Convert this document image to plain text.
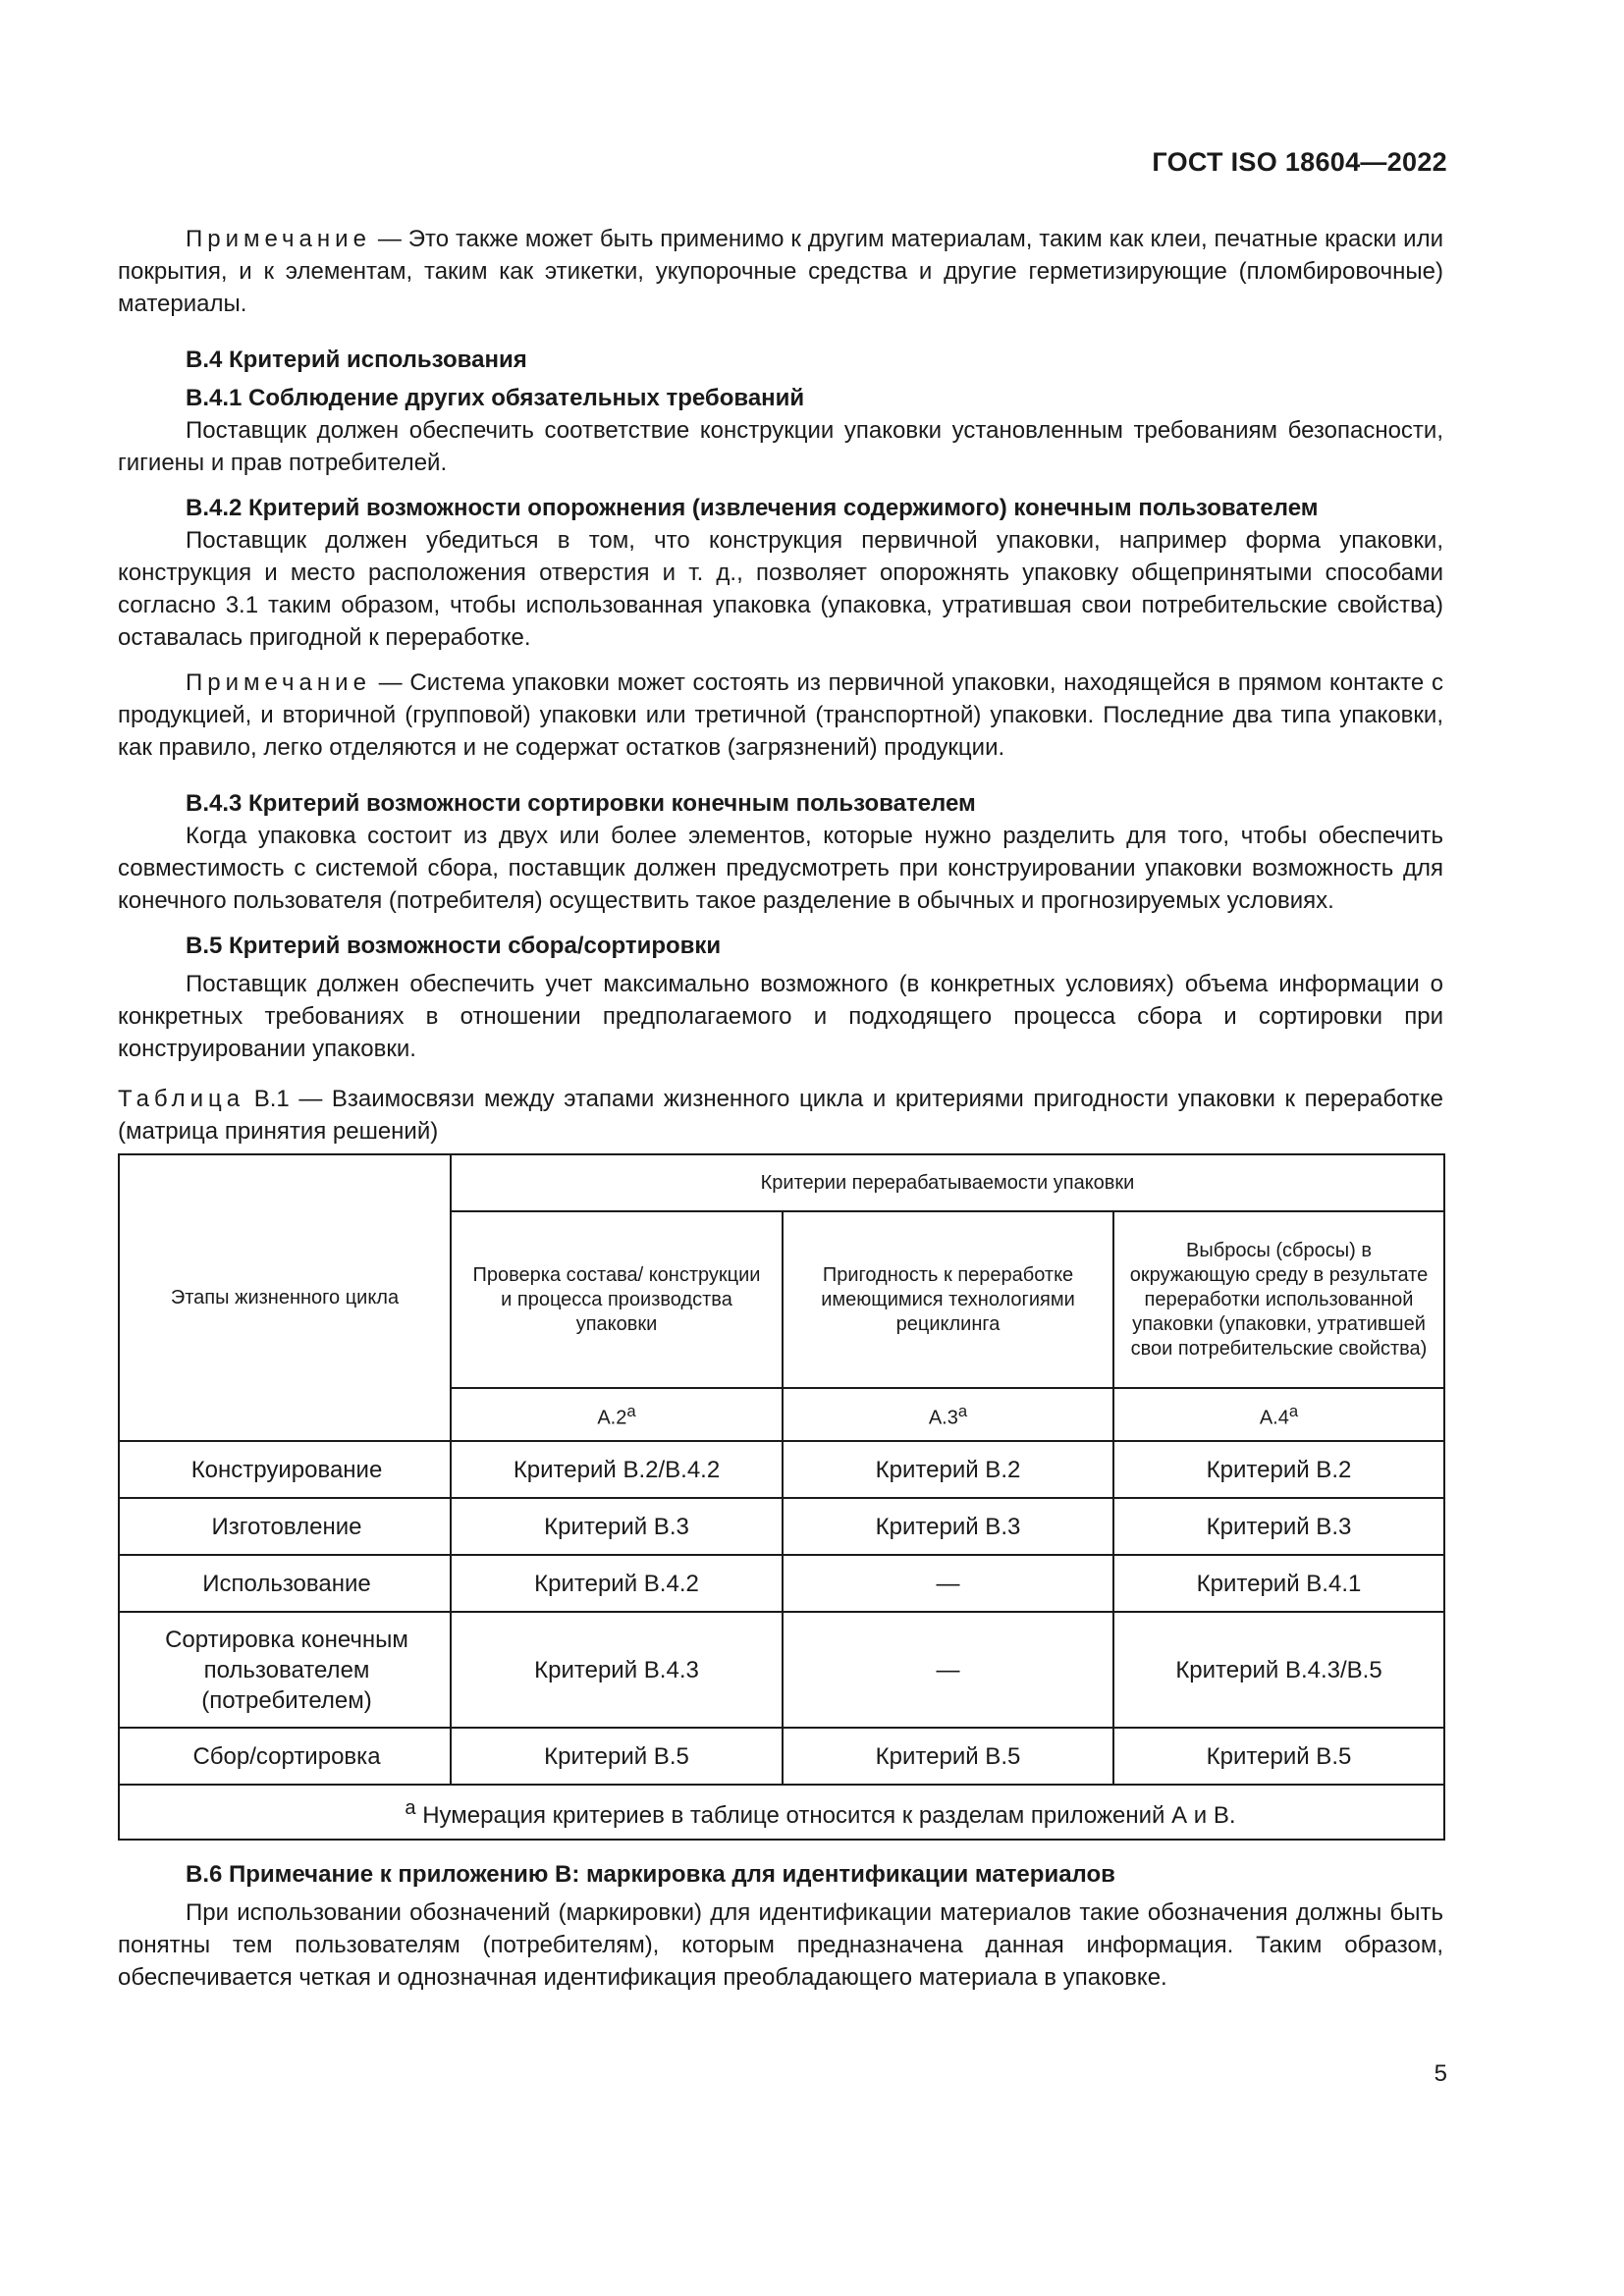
ГОСТ ISO 18604—2022

Примечание — Это также может быть применимо к другим материалам, таким как клеи, печатные краски или покрытия, и к элементам, таким как этикетки, укупорочные средства и другие герметизирующие (пломбировочные) материалы.

B.4 Критерий использования

B.4.1 Соблюдение других обязательных требований

Поставщик должен обеспечить соответствие конструкции упаковки установленным требованиям безопасности, гигиены и прав потребителей.

B.4.2 Критерий возможности опорожнения (извлечения содержимого) конечным пользователем

Поставщик должен убедиться в том, что конструкция первичной упаковки, например форма упаковки, конструкция и место расположения отверстия и т. д., позволяет опорожнять упаковку общепринятыми способами согласно 3.1 таким образом, чтобы использованная упаковка (упаковка, утратившая свои потребительские свойства) оставалась пригодной к переработке.

Примечание — Система упаковки может состоять из первичной упаковки, находящейся в прямом контакте с продукцией, и вторичной (групповой) упаковки или третичной (транспортной) упаковки. Последние два типа упаковки, как правило, легко отделяются и не содержат остатков (загрязнений) продукции.

B.4.3 Критерий возможности сортировки конечным пользователем

Когда упаковка состоит из двух или более элементов, которые нужно разделить для того, чтобы обеспечить совместимость с системой сбора, поставщик должен предусмотреть при конструировании упаковки возможность для конечного пользователя (потребителя) осуществить такое разделение в обычных и прогнозируемых условиях.

B.5 Критерий возможности сбора/сортировки

Поставщик должен обеспечить учет максимально возможного (в конкретных условиях) объема информации о конкретных требованиях в отношении предполагаемого и подходящего процесса сбора и сортировки при конструировании упаковки.

Таблица B.1 — Взаимосвязи между этапами жизненного цикла и критериями пригодности упаковки к переработке (матрица принятия решений)

Этапы жизненного цикла	Критерии перерабатываемости упаковки		
	Проверка состава/ конструкции и процесса производства упаковки	Пригодность к переработке имеющимися технологиями рециклинга	Выбросы (сбросы) в окружающую среду в результате переработки использованной упаковки (упаковки, утратившей свои потребительские свойства)
	A.2$^a$	A.3$^a$	A.4$^a$
Конструирование	Критерий B.2/B.4.2	Критерий B.2	Критерий B.2
Изготовление	Критерий B.3	Критерий B.3	Критерий B.3
Использование	Критерий B.4.2	—	Критерий B.4.1
Сортировка конечным пользователем (потребителем)	Критерий B.4.3	—	Критерий B.4.3/B.5
Сбор/сортировка	Критерий B.5	Критерий B.5	Критерий B.5
$^a$ Нумерация критериев в таблице относится к разделам приложений А и В.			

B.6 Примечание к приложению B: маркировка для идентификации материалов

При использовании обозначений (маркировки) для идентификации материалов такие обозначения должны быть понятны тем пользователям (потребителям), которым предназначена данная информация. Таким образом, обеспечивается четкая и однозначная идентификация преобладающего материала в упаковке.

5
